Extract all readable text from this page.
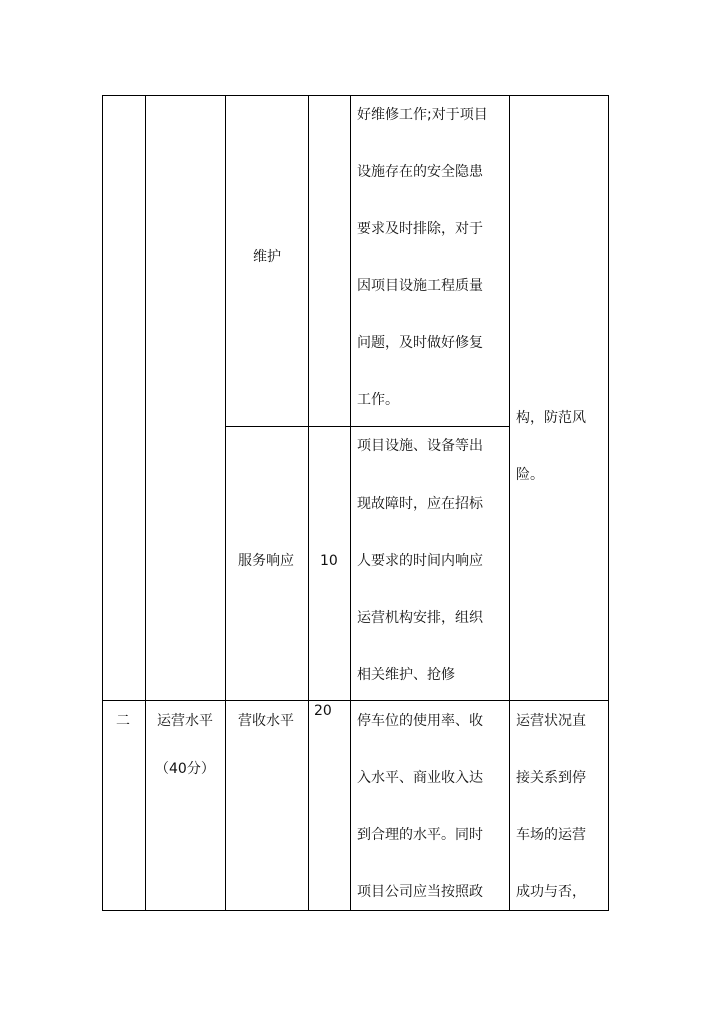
维护
好维修工作;对于项目
设施存在的安全隐患
要求及时排除，对于
因项目设施工程质量
问题，及时做好修复
工作。
构，防范风
险。
服务响应 10
项目设施、设备等出
现故障时，应在招标
人要求的时间内响应
运营机构安排，组织
相关维护、抢修
二 运营水平
（40分）
营收水平
20
停车位的使用率、收
入水平、商业收入达
到合理的水平。同时
项目公司应当按照政
运营状况直
接关系到停
车场的运营
成功与否，
